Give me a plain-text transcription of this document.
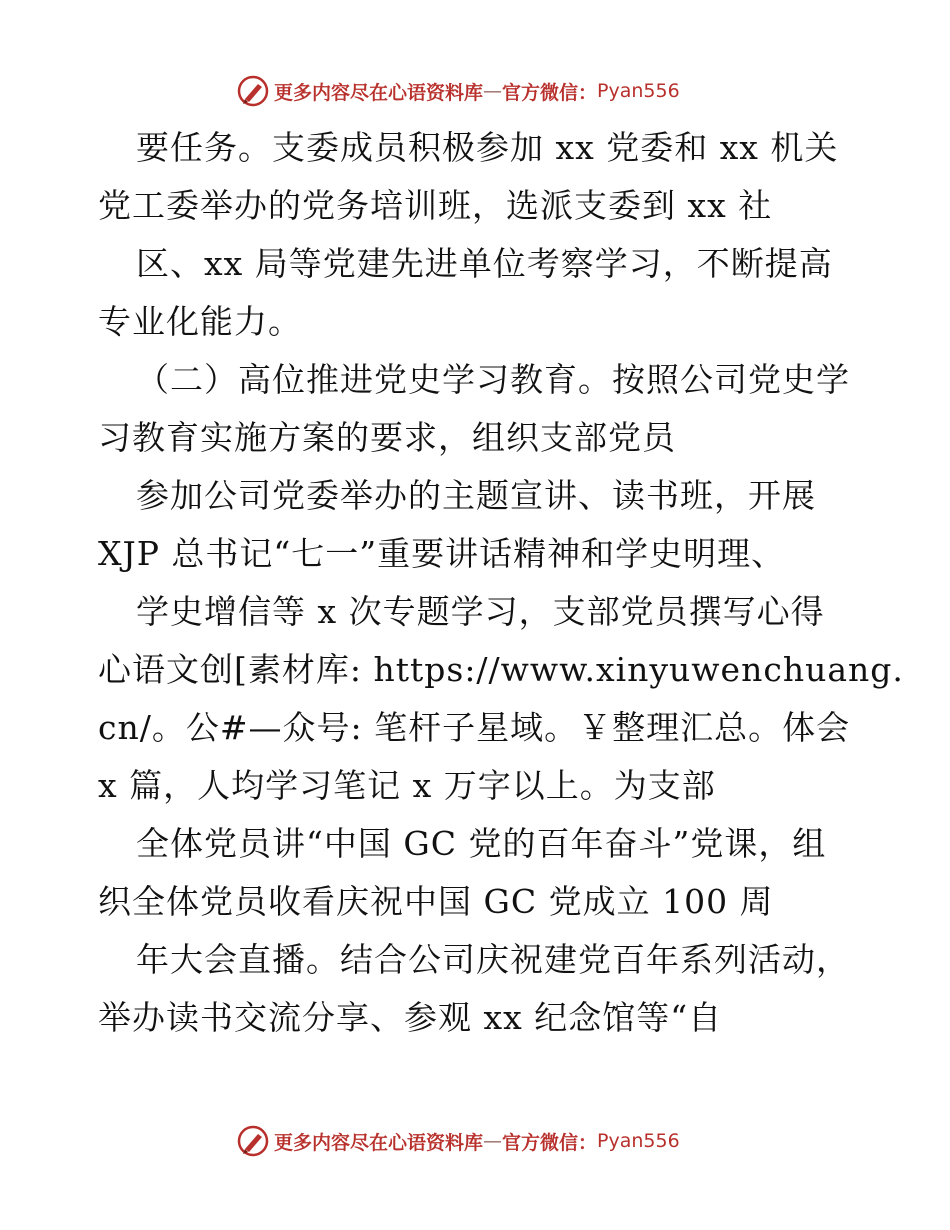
更多内容尽在心语资料库 — 官方微信： Pyan556
要任务。支委成员积极参加 xx 党委和 xx 机关
党工委举办的党务培训班，选派支委到 xx 社
区、xx 局等党建先进单位考察学习，不断提高
专业化能力。
（二）高位推进党史学习教育。按照公司党史学
习教育实施方案的要求，组织支部党员
参加公司党委举办的主题宣讲、读书班，开展
XJP 总书记“七一”重要讲话精神和学史明理、
学史增信等 x 次专题学习，支部党员撰写心得
心语文创[素材库: https://www.xinyuwenchuang.
cn/。公#—众号: 笔杆子星域。￥整理汇总。体会
x 篇，人均学习笔记 x 万字以上。为支部
全体党员讲“中国 GC 党的百年奋斗”党课，组
织全体党员收看庆祝中国 GC 党成立 100 周
年大会直播。结合公司庆祝建党百年系列活动，
举办读书交流分享、参观 xx 纪念馆等“自
更多内容尽在心语资料库 — 官方微信： Pyan556
